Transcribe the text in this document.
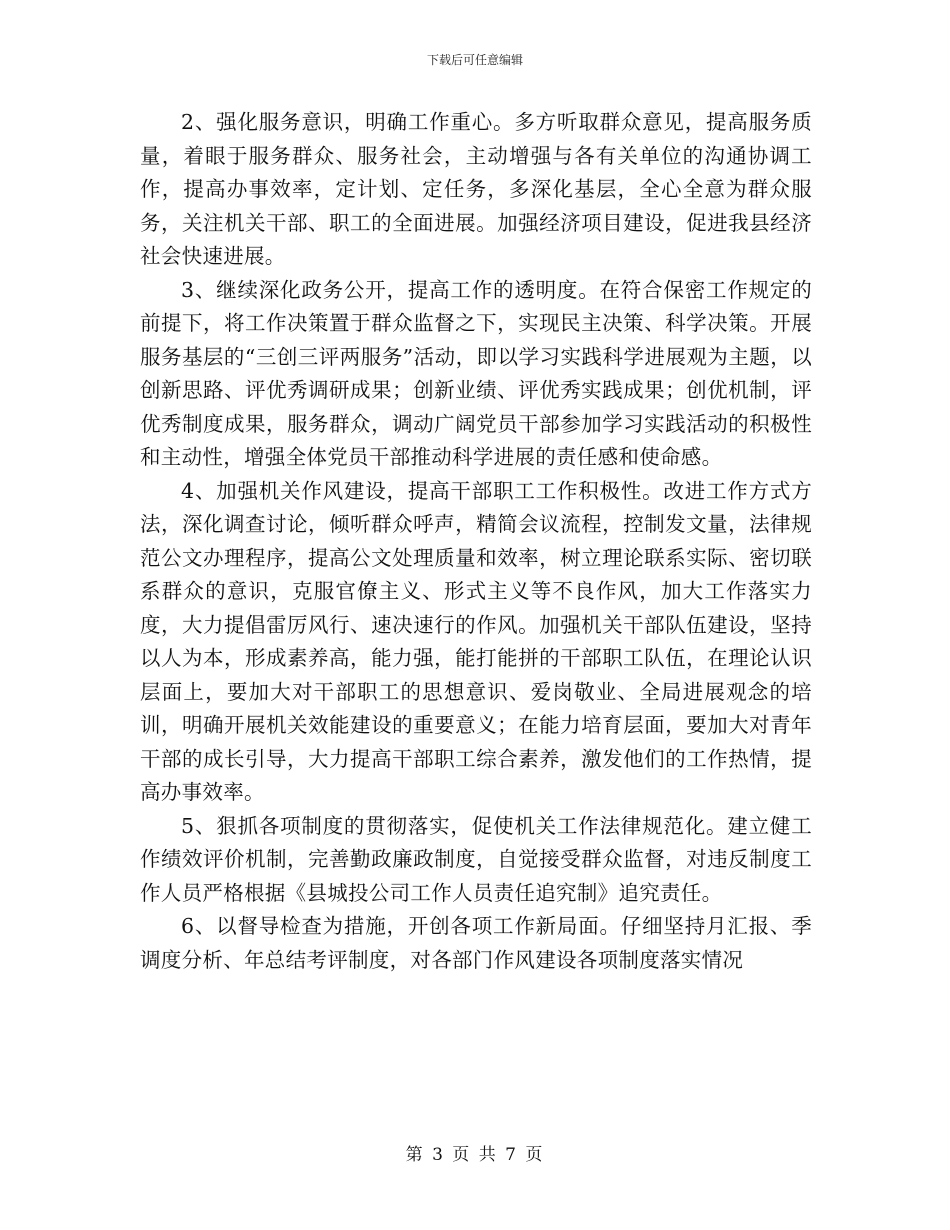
下载后可任意编辑

2、强化服务意识，明确工作重心。多方听取群众意见，提高服务质量，着眼于服务群众、服务社会，主动增强与各有关单位的沟通协调工作，提高办事效率，定计划、定任务，多深化基层，全心全意为群众服务，关注机关干部、职工的全面进展。加强经济项目建设，促进我县经济社会快速进展。

3、继续深化政务公开，提高工作的透明度。在符合保密工作规定的前提下，将工作决策置于群众监督之下，实现民主决策、科学决策。开展服务基层的“三创三评两服务”活动，即以学习实践科学进展观为主题，以创新思路、评优秀调研成果；创新业绩、评优秀实践成果；创优机制，评优秀制度成果，服务群众，调动广阔党员干部参加学习实践活动的积极性和主动性，增强全体党员干部推动科学进展的责任感和使命感。

4、加强机关作风建设，提高干部职工工作积极性。改进工作方式方法，深化调查讨论，倾听群众呼声，精简会议流程，控制发文量，法律规范公文办理程序，提高公文处理质量和效率，树立理论联系实际、密切联系群众的意识，克服官僚主义、形式主义等不良作风，加大工作落实力度，大力提倡雷厉风行、速决速行的作风。加强机关干部队伍建设，坚持以人为本，形成素养高，能力强，能打能拼的干部职工队伍，在理论认识层面上，要加大对干部职工的思想意识、爱岗敬业、全局进展观念的培训，明确开展机关效能建设的重要意义；在能力培育层面，要加大对青年干部的成长引导，大力提高干部职工综合素养，激发他们的工作热情，提高办事效率。

5、狠抓各项制度的贯彻落实，促使机关工作法律规范化。建立健工作绩效评价机制，完善勤政廉政制度，自觉接受群众监督，对违反制度工作人员严格根据《县城投公司工作人员责任追究制》追究责任。

6、以督导检查为措施，开创各项工作新局面。仔细坚持月汇报、季调度分析、年总结考评制度，对各部门作风建设各项制度落实情况

第 3 页 共 7 页
